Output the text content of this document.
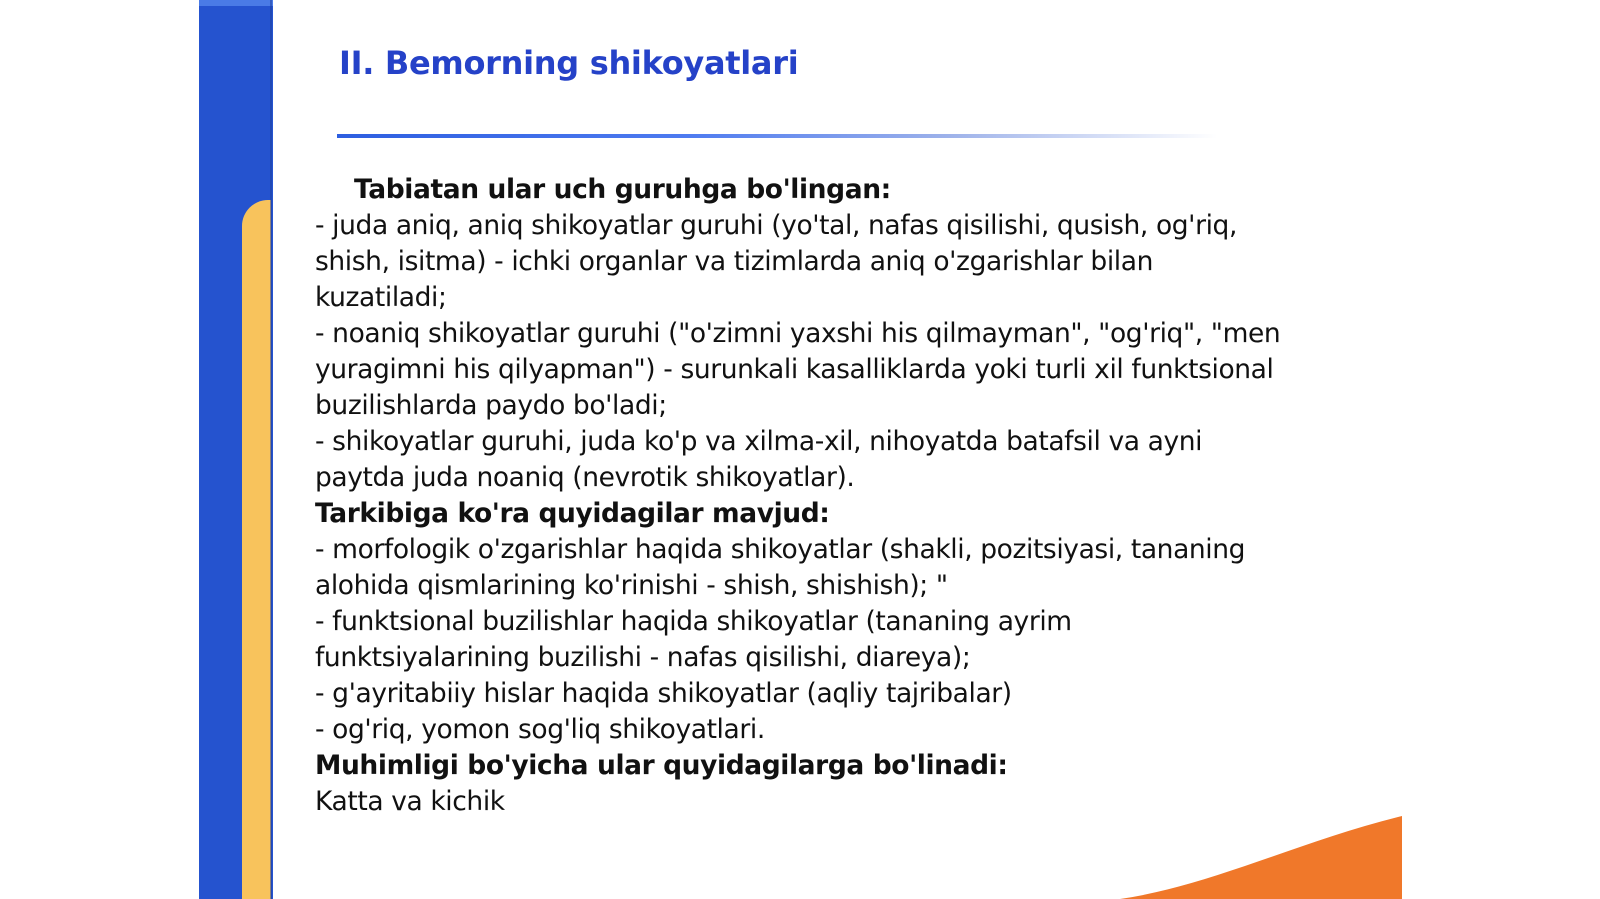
II. Bemorning shikoyatlari
Tabiatan ular uch guruhga bo'lingan:
- juda aniq, aniq shikoyatlar guruhi (yo'tal, nafas qisilishi, qusish, og'riq,
shish, isitma) - ichki organlar va tizimlarda aniq o'zgarishlar bilan
kuzatiladi;
- noaniq shikoyatlar guruhi ("o'zimni yaxshi his qilmayman", "og'riq", "men
yuragimni his qilyapman") - surunkali kasalliklarda yoki turli xil funktsional
buzilishlarda paydo bo'ladi;
- shikoyatlar guruhi, juda ko'p va xilma-xil, nihoyatda batafsil va ayni
paytda juda noaniq (nevrotik shikoyatlar).
Tarkibiga ko'ra quyidagilar mavjud:
- morfologik o'zgarishlar haqida shikoyatlar (shakli, pozitsiyasi, tananing
alohida qismlarining ko'rinishi - shish, shishish); "
- funktsional buzilishlar haqida shikoyatlar (tananing ayrim
funktsiyalarining buzilishi - nafas qisilishi, diareya);
- g'ayritabiiy hislar haqida shikoyatlar (aqliy tajribalar)
- og'riq, yomon sog'liq shikoyatlari.
Muhimligi bo'yicha ular quyidagilarga bo'linadi:
Katta va kichik
